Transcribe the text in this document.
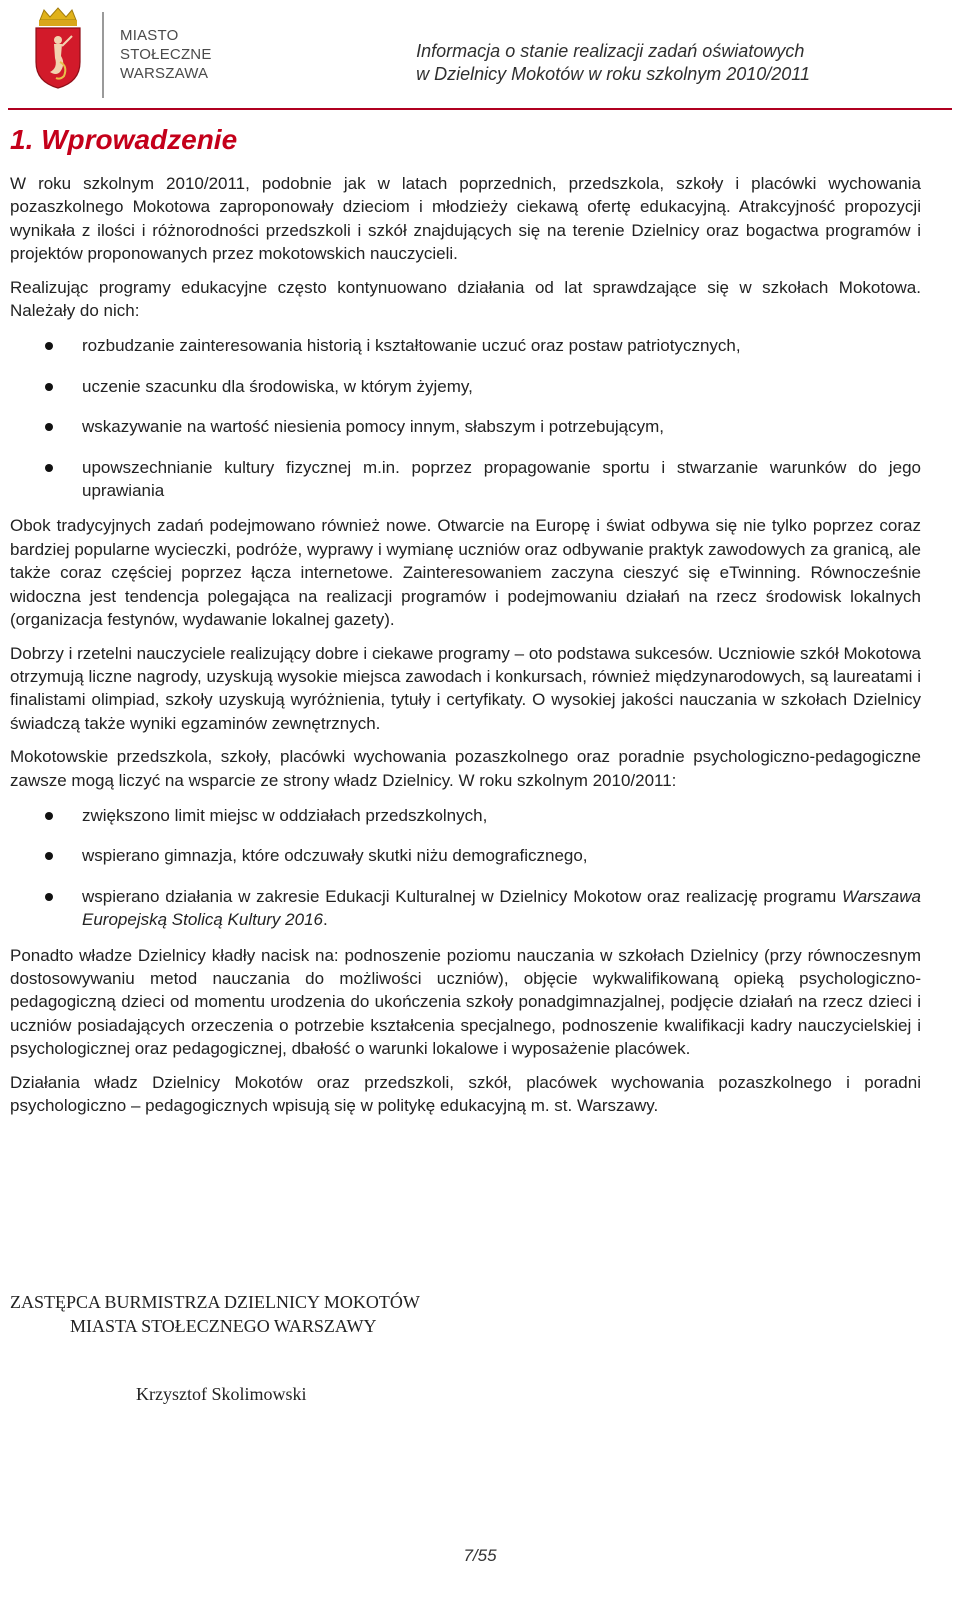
MIASTO
STOŁECZNE
WARSZAWA
Informacja o stanie realizacji zadań oświatowych
w Dzielnicy Mokotów w roku szkolnym 2010/2011
1. Wprowadzenie

W roku szkolnym 2010/2011, podobnie jak w latach poprzednich, przedszkola, szkoły i placówki wychowania pozaszkolnego Mokotowa zaproponowały dzieciom i młodzieży ciekawą ofertę edukacyjną. Atrakcyjność propozycji wynikała z ilości i różnorodności przedszkoli i szkół znajdujących się na terenie Dzielnicy oraz bogactwa programów i projektów proponowanych przez mokotowskich nauczycieli.

Realizując programy edukacyjne często kontynuowano działania od lat sprawdzające się w szkołach Mokotowa. Należały do nich:

rozbudzanie zainteresowania historią i kształtowanie uczuć oraz postaw patriotycznych,
uczenie szacunku dla środowiska, w którym żyjemy,
wskazywanie na wartość niesienia pomocy innym, słabszym i potrzebującym,
upowszechnianie kultury fizycznej m.in. poprzez propagowanie sportu i stwarzanie warunków do jego uprawiania

Obok tradycyjnych zadań podejmowano również nowe. Otwarcie na Europę i świat odbywa się nie tylko poprzez coraz bardziej popularne wycieczki, podróże, wyprawy i wymianę uczniów oraz odbywanie praktyk zawodowych za granicą, ale także coraz częściej poprzez łącza internetowe. Zainteresowaniem zaczyna cieszyć się eTwinning. Równocześnie widoczna jest tendencja polegająca na realizacji programów i podejmowaniu działań na rzecz środowisk lokalnych (organizacja festynów, wydawanie lokalnej gazety).

Dobrzy i rzetelni nauczyciele realizujący dobre i ciekawe programy – oto podstawa sukcesów. Uczniowie szkół Mokotowa otrzymują liczne nagrody, uzyskują wysokie miejsca zawodach i konkursach, również międzynarodowych, są laureatami i finalistami olimpiad, szkoły uzyskują wyróżnienia, tytuły i certyfikaty. O wysokiej jakości nauczania w szkołach Dzielnicy świadczą także wyniki egzaminów zewnętrznych.

Mokotowskie przedszkola, szkoły, placówki wychowania pozaszkolnego oraz poradnie psychologiczno-pedagogiczne zawsze mogą liczyć na wsparcie ze strony władz Dzielnicy. W roku szkolnym 2010/2011:

zwiększono limit miejsc w oddziałach przedszkolnych,
wspierano gimnazja, które odczuwały skutki niżu demograficznego,
wspierano działania w zakresie Edukacji Kulturalnej w Dzielnicy Mokotow oraz realizację programu Warszawa Europejską Stolicą Kultury 2016.

Ponadto władze Dzielnicy kładły nacisk na: podnoszenie poziomu nauczania w szkołach Dzielnicy (przy równoczesnym dostosowywaniu metod nauczania do możliwości uczniów), objęcie wykwalifikowaną opieką psychologiczno-pedagogiczną dzieci od momentu urodzenia do ukończenia szkoły ponadgimnazjalnej, podjęcie działań na rzecz dzieci i uczniów posiadających orzeczenia o potrzebie kształcenia specjalnego, podnoszenie kwalifikacji kadry nauczycielskiej i psychologicznej oraz pedagogicznej, dbałość o warunki lokalowe i wyposażenie placówek.

Działania władz Dzielnicy Mokotów oraz przedszkoli, szkół, placówek wychowania pozaszkolnego i poradni psychologiczno – pedagogicznych wpisują się w politykę edukacyjną m. st. Warszawy.

ZASTĘPCA BURMISTRZA DZIELNICY MOKOTÓW
MIASTA STOŁECZNEGO WARSZAWY
Krzysztof Skolimowski
7/55
